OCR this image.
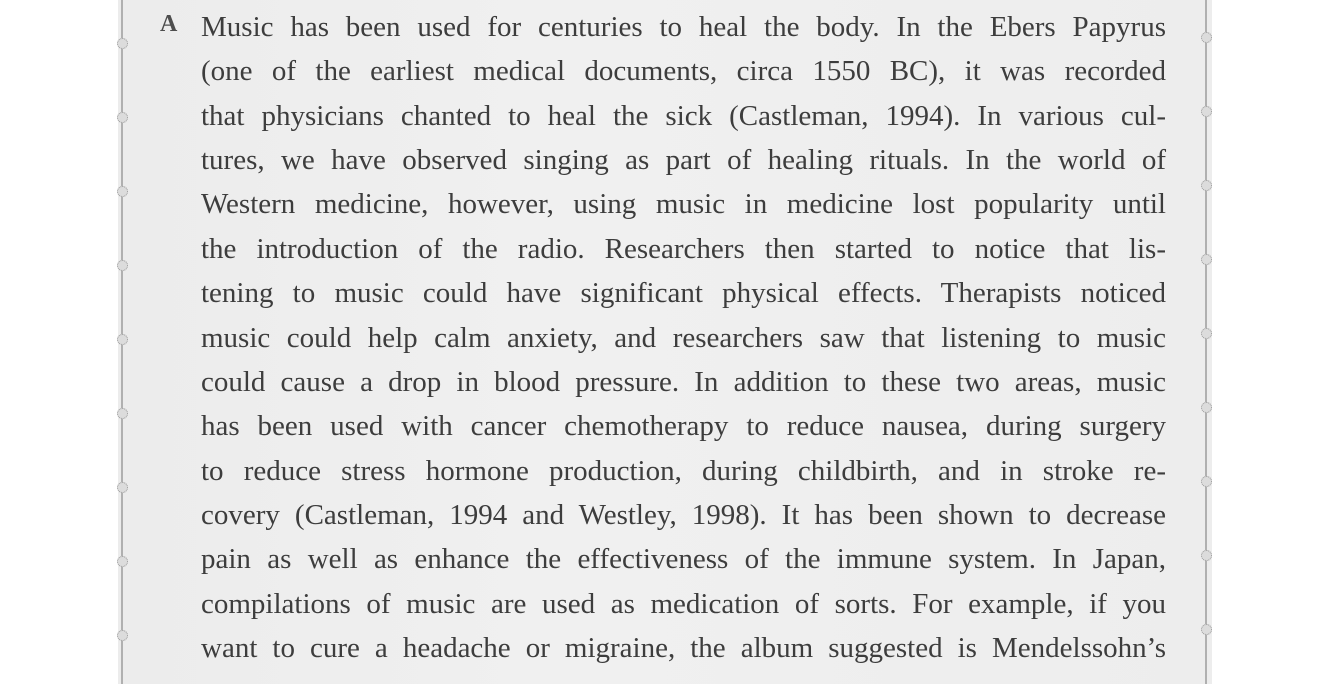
A Music has been used for centuries to heal the body. In the Ebers Papyrus
(one of the earliest medical documents, circa 1550 BC), it was recorded
that physicians chanted to heal the sick (Castleman, 1994). In various cul-
tures, we have observed singing as part of healing rituals. In the world of
Western medicine, however, using music in medicine lost popularity until
the introduction of the radio. Researchers then started to notice that lis-
tening to music could have significant physical effects. Therapists noticed
music could help calm anxiety, and researchers saw that listening to music
could cause a drop in blood pressure. In addition to these two areas, music
has been used with cancer chemotherapy to reduce nausea, during surgery
to reduce stress hormone production, during childbirth, and in stroke re-
covery (Castleman, 1994 and Westley, 1998). It has been shown to decrease
pain as well as enhance the effectiveness of the immune system. In Japan,
compilations of music are used as medication of sorts. For example, if you
want to cure a headache or migraine, the album suggested is Mendelssohn’s
